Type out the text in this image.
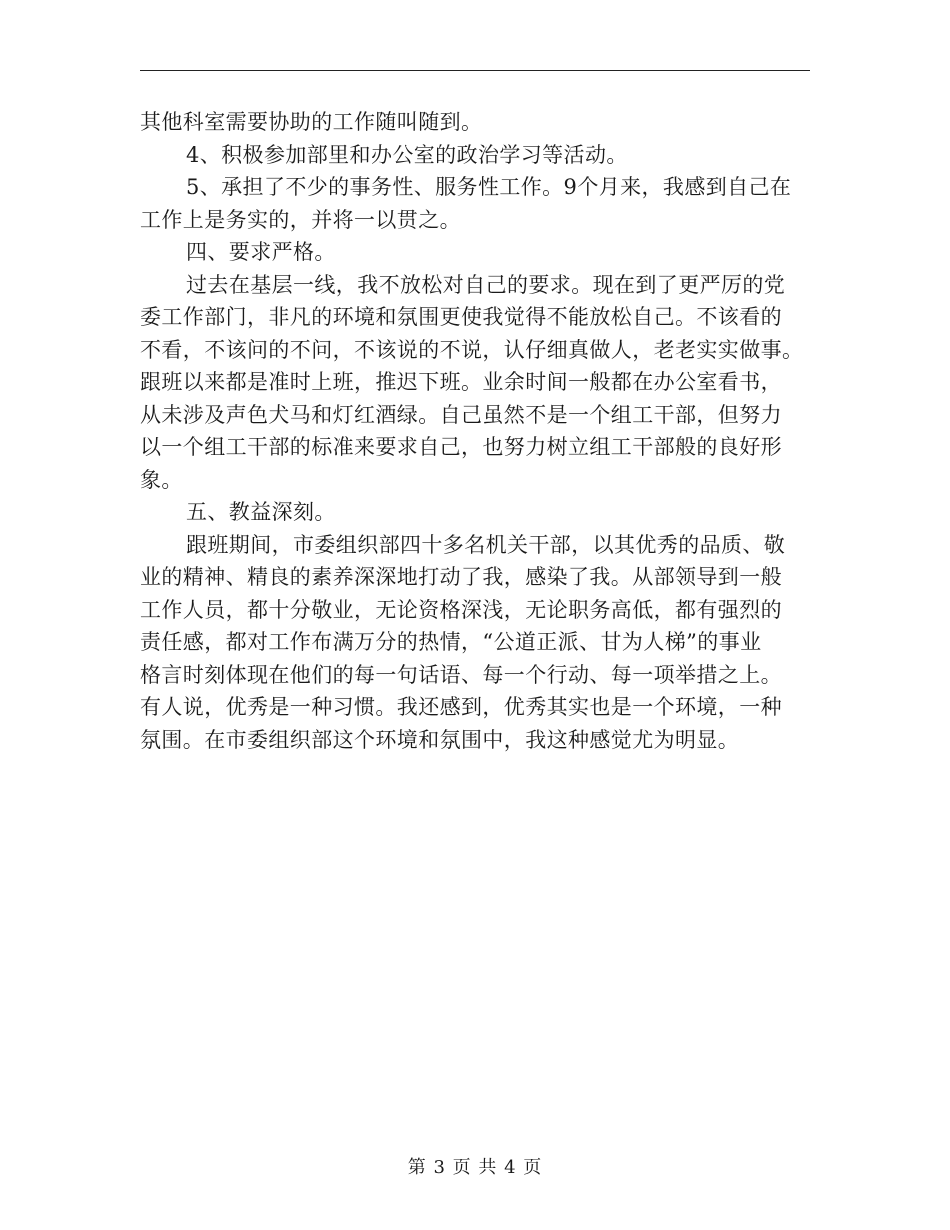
其他科室需要协助的工作随叫随到。
4、积极参加部里和办公室的政治学习等活动。
5、承担了不少的事务性、服务性工作。9个月来，我感到自己在
工作上是务实的，并将一以贯之。
四、要求严格。
过去在基层一线，我不放松对自己的要求。现在到了更严厉的党
委工作部门，非凡的环境和氛围更使我觉得不能放松自己。不该看的
不看，不该问的不问，不该说的不说，认仔细真做人，老老实实做事。
跟班以来都是准时上班，推迟下班。业余时间一般都在办公室看书，
从未涉及声色犬马和灯红酒绿。自己虽然不是一个组工干部，但努力
以一个组工干部的标准来要求自己，也努力树立组工干部般的良好形
象。
五、教益深刻。
跟班期间，市委组织部四十多名机关干部，以其优秀的品质、敬
业的精神、精良的素养深深地打动了我，感染了我。从部领导到一般
工作人员，都十分敬业，无论资格深浅，无论职务高低，都有强烈的
责任感，都对工作布满万分的热情，“公道正派、甘为人梯”的事业
格言时刻体现在他们的每一句话语、每一个行动、每一项举措之上。
有人说，优秀是一种习惯。我还感到，优秀其实也是一个环境，一种
氛围。在市委组织部这个环境和氛围中，我这种感觉尤为明显。
第 3 页 共 4 页
